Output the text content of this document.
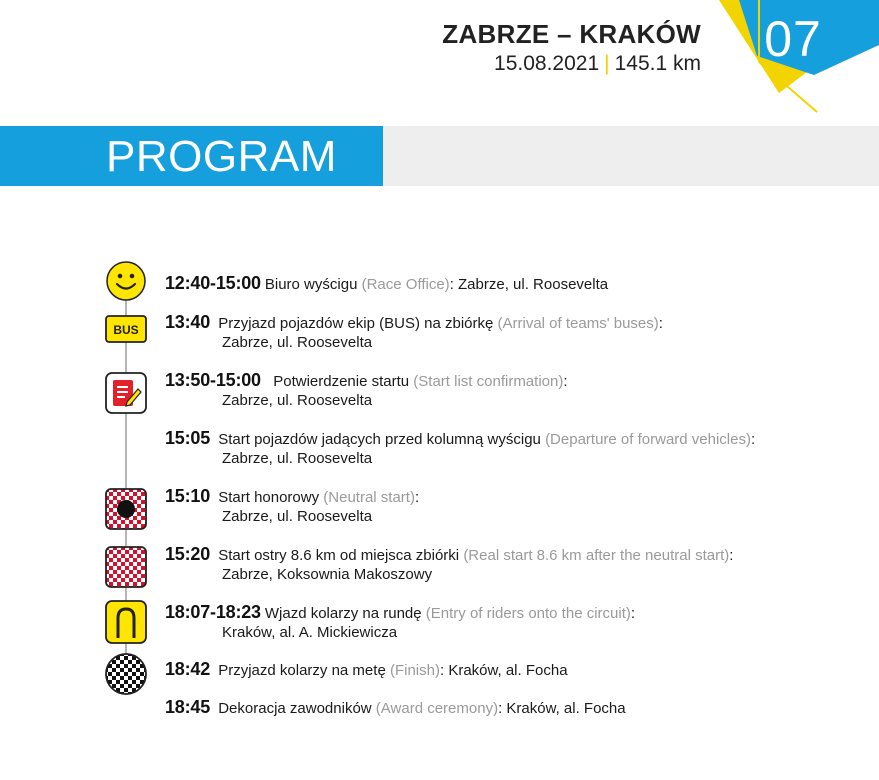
07
ZABRZE – KRAKÓW
15.08.2021 | 145.1 km
PROGRAM
BUS
12:40-15:00 Biuro wyścigu (Race Office): Zabrze, ul. Roosevelta
13:40 Przyjazd pojazdów ekip (BUS) na zbiórkę (Arrival of teams' buses):
Zabrze, ul. Roosevelta
13:50-15:00 Potwierdzenie startu (Start list confirmation):
Zabrze, ul. Roosevelta
15:05 Start pojazdów jadących przed kolumną wyścigu (Departure of forward vehicles):
Zabrze, ul. Roosevelta
15:10 Start honorowy (Neutral start):
Zabrze, ul. Roosevelta
15:20 Start ostry 8.6 km od miejsca zbiórki (Real start 8.6 km after the neutral start):
Zabrze, Koksownia Makoszowy
18:07-18:23 Wjazd kolarzy na rundę (Entry of riders onto the circuit):
Kraków, al. A. Mickiewicza
18:42 Przyjazd kolarzy na metę (Finish): Kraków, al. Focha
18:45 Dekoracja zawodników (Award ceremony): Kraków, al. Focha
